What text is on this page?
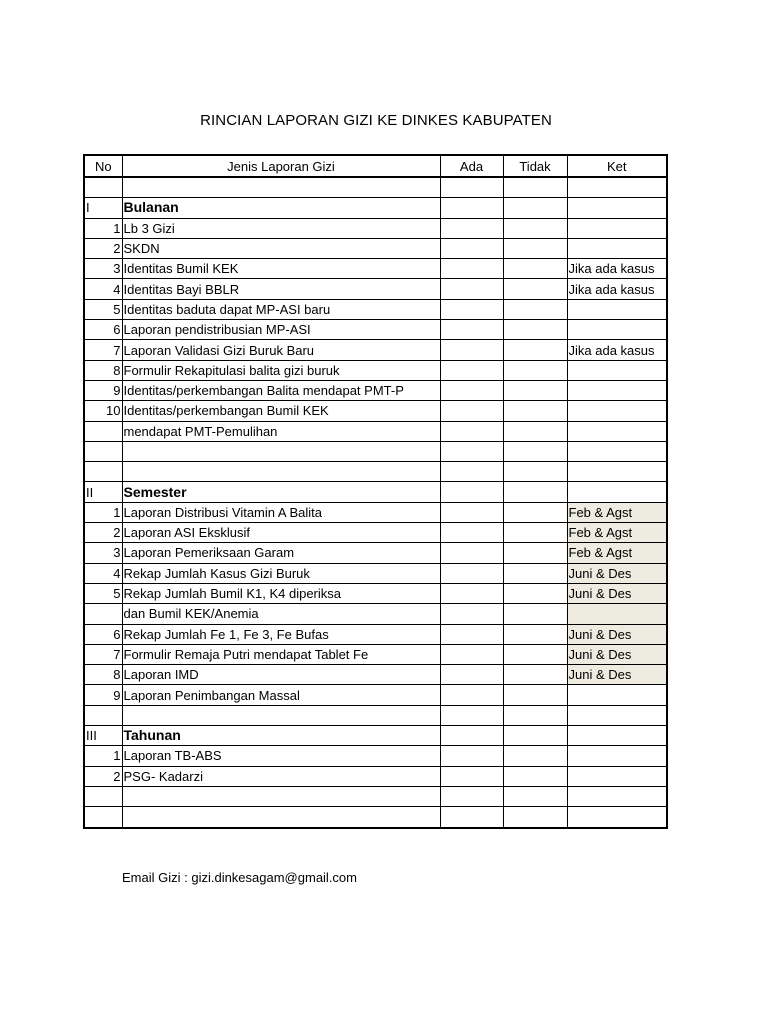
RINCIAN LAPORAN GIZI KE DINKES KABUPATEN
No	Jenis Laporan Gizi	Ada	Tidak	Ket

I	Bulanan			
1	Lb 3 Gizi			
2	SKDN			
3	Identitas Bumil KEK			Jika ada kasus
4	Identitas Bayi BBLR			Jika ada kasus
5	Identitas baduta dapat MP-ASI baru			
6	Laporan pendistribusian MP-ASI			
7	Laporan Validasi Gizi Buruk Baru			Jika ada kasus
8	Formulir Rekapitulasi balita gizi buruk			
9	Identitas/perkembangan Balita mendapat PMT-P			
10	Identitas/perkembangan Bumil KEK			
	mendapat PMT-Pemulihan			

II	Semester			
1	Laporan Distribusi Vitamin A Balita			Feb & Agst
2	Laporan ASI Eksklusif			Feb & Agst
3	Laporan Pemeriksaan Garam			Feb & Agst
4	Rekap Jumlah Kasus Gizi Buruk			Juni & Des
5	Rekap Jumlah Bumil K1, K4 diperiksa			Juni & Des
	dan Bumil KEK/Anemia			
6	Rekap Jumlah Fe 1, Fe 3, Fe Bufas			Juni & Des
7	Formulir Remaja Putri mendapat Tablet Fe			Juni & Des
8	Laporan IMD			Juni & Des
9	Laporan Penimbangan Massal			

III	Tahunan			
1	Laporan TB-ABS			
2	PSG- Kadarzi			

Email Gizi : gizi.dinkesagam@gmail.com
